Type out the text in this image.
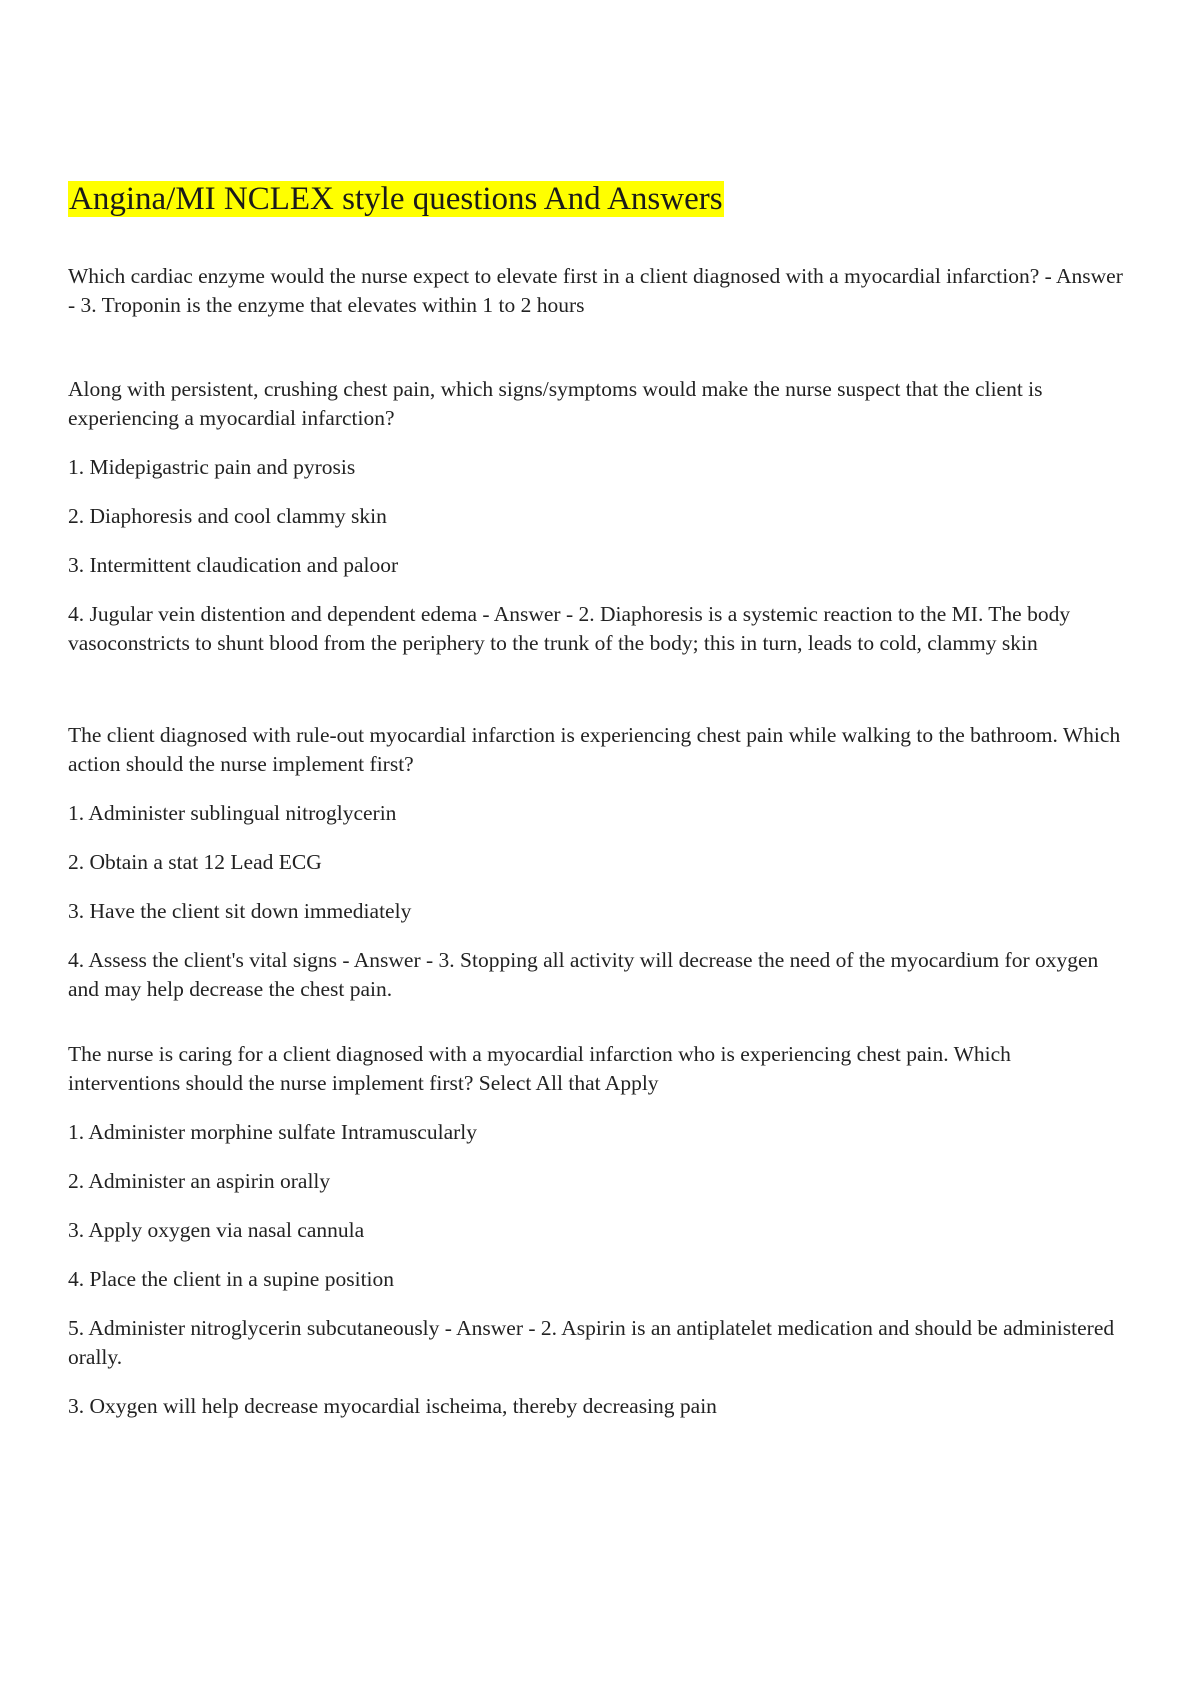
Angina/MI NCLEX style questions And Answers

Which cardiac enzyme would the nurse expect to elevate first in a client diagnosed with a myocardial infarction? - Answer - 3. Troponin is the enzyme that elevates within 1 to 2 hours

Along with persistent, crushing chest pain, which signs/symptoms would make the nurse suspect that the client is experiencing a myocardial infarction?

1. Midepigastric pain and pyrosis

2. Diaphoresis and cool clammy skin

3. Intermittent claudication and paloor

4. Jugular vein distention and dependent edema - Answer - 2. Diaphoresis is a systemic reaction to the MI. The body vasoconstricts to shunt blood from the periphery to the trunk of the body; this in turn, leads to cold, clammy skin

The client diagnosed with rule-out myocardial infarction is experiencing chest pain while walking to the bathroom. Which action should the nurse implement first?

1. Administer sublingual nitroglycerin

2. Obtain a stat 12 Lead ECG

3. Have the client sit down immediately

4. Assess the client's vital signs - Answer - 3. Stopping all activity will decrease the need of the myocardium for oxygen and may help decrease the chest pain.

The nurse is caring for a client diagnosed with a myocardial infarction who is experiencing chest pain. Which interventions should the nurse implement first? Select All that Apply

1. Administer morphine sulfate Intramuscularly

2. Administer an aspirin orally

3. Apply oxygen via nasal cannula

4. Place the client in a supine position

5. Administer nitroglycerin subcutaneously - Answer - 2. Aspirin is an antiplatelet medication and should be administered orally.

3. Oxygen will help decrease myocardial ischeima, thereby decreasing pain
